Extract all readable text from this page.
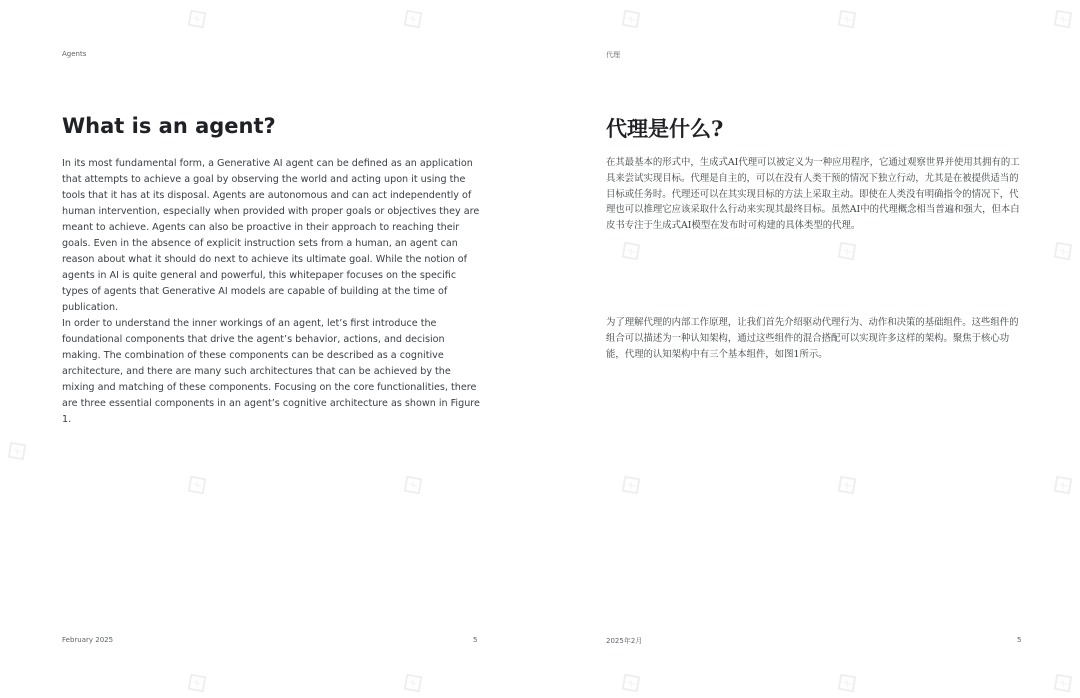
Agents
What is an agent?

In its most fundamental form, a Generative AI agent can be defined as an application that attempts to achieve a goal by observing the world and acting upon it using the tools that it has at its disposal. Agents are autonomous and can act independently of human intervention, especially when provided with proper goals or objectives they are meant to achieve. Agents can also be proactive in their approach to reaching their goals. Even in the absence of explicit instruction sets from a human, an agent can reason about what it should do next to achieve its ultimate goal. While the notion of agents in AI is quite general and powerful, this whitepaper focuses on the specific types of agents that Generative AI models are capable of building at the time of publication.

In order to understand the inner workings of an agent, let’s first introduce the foundational components that drive the agent’s behavior, actions, and decision making. The combination of these components can be described as a cognitive architecture, and there are many such architectures that can be achieved by the mixing and matching of these components. Focusing on the core functionalities, there are three essential components in an agent’s cognitive architecture as shown in Figure 1.

February 2025	5
代理
代理是什么?

在其最基本的形式中，生成式AI代理可以被定义为一种应用程序，它通过观察世界并使用其拥有的工具来尝试实现目标。代理是自主的，可以在没有人类干预的情况下独立行动，尤其是在被提供适当的目标或任务时。代理还可以在其实现目标的方法上采取主动。即使在人类没有明确指令的情况下，代理也可以推理它应该采取什么行动来实现其最终目标。虽然AI中的代理概念相当普遍和强大，但本白皮书专注于生成式AI模型在发布时可构建的具体类型的代理。

为了理解代理的内部工作原理，让我们首先介绍驱动代理行为、动作和决策的基础组件。这些组件的组合可以描述为一种认知架构，通过这些组件的混合搭配可以实现许多这样的架构。聚焦于核心功能，代理的认知架构中有三个基本组件，如图1所示。

2025年2月	5
X	X	X	X	X
X	X	X
X
X	X	X	X	X
X	X	X	X	X
